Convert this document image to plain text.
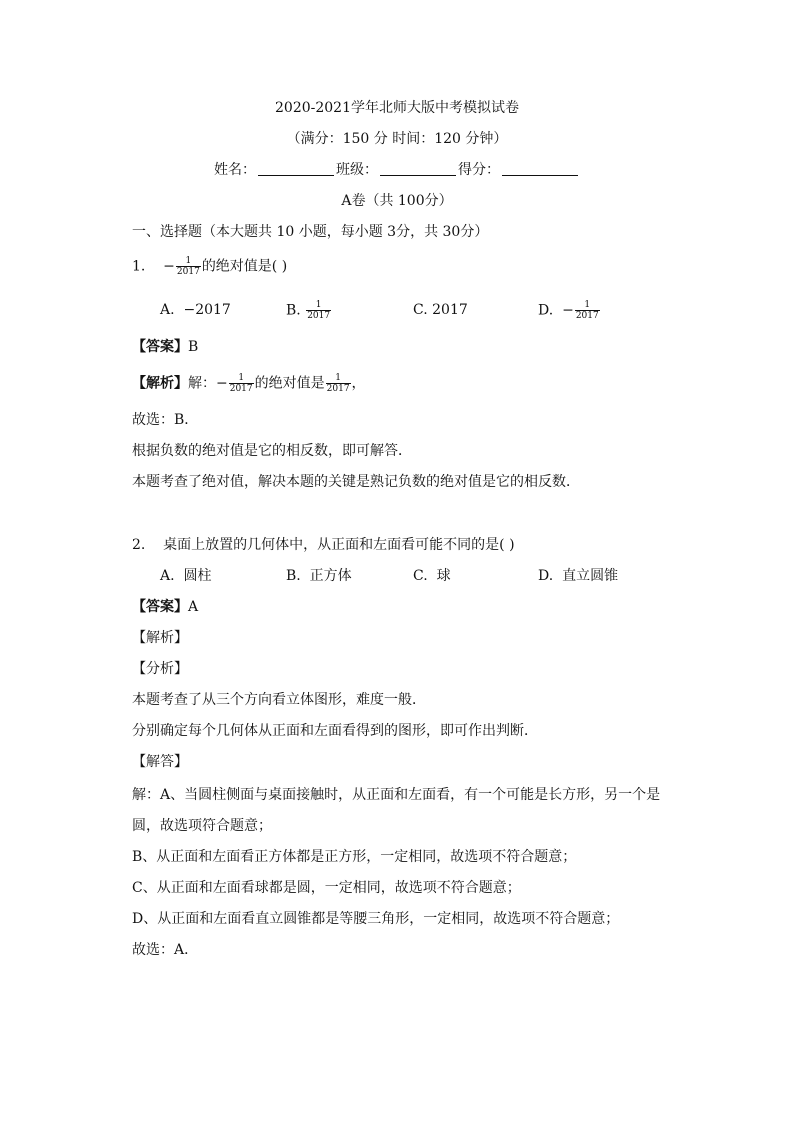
2020-2021学年北师大版中考模拟试卷
（满分：150 分 时间：120 分钟）
姓名：	班级：	得分：
A卷（共 100分）
一、选择题（本大题共 10 小题，每小题 3分，共 30分）
1. − $\frac{1}{2017}$ 的绝对值是( )
A. −2017	B. $\frac{1}{2017}$	C. 2017	D. − $\frac{1}{2017}$
【答案】B
【解析】解：− $\frac{1}{2017}$ 的绝对值是 $\frac{1}{2017}$ ，
故选：B．
根据负数的绝对值是它的相反数，即可解答．
本题考查了绝对值，解决本题的关键是熟记负数的绝对值是它的相反数．
2. 桌面上放置的几何体中，从正面和左面看可能不同的是( )
A. 圆柱	B. 正方体	C. 球	D. 直立圆锥
【答案】A
【解析】
【分析】
本题考查了从三个方向看立体图形，难度一般．
分别确定每个几何体从正面和左面看得到的图形，即可作出判断．
【解答】
解：A、当圆柱侧面与桌面接触时，从正面和左面看，有一个可能是长方形，另一个是
圆，故选项符合题意；
B、从正面和左面看正方体都是正方形，一定相同，故选项不符合题意；
C、从正面和左面看球都是圆，一定相同，故选项不符合题意；
D、从正面和左面看直立圆锥都是等腰三角形，一定相同，故选项不符合题意；
故选：A．
